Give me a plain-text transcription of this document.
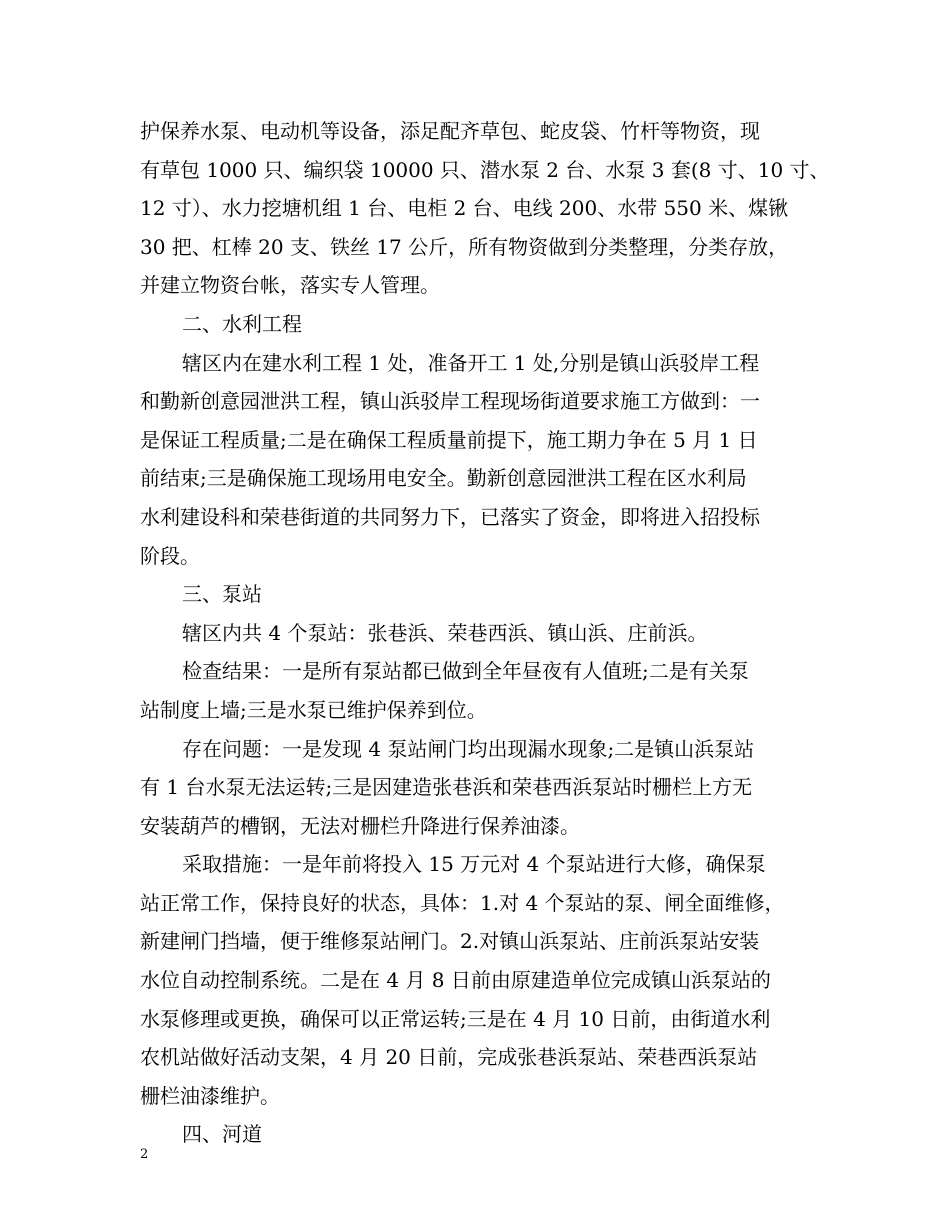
护保养水泵、电动机等设备，添足配齐草包、蛇皮袋、竹杆等物资，现
有草包 1000 只、编织袋 10000 只、潜水泵 2 台、水泵 3 套(8 寸、10 寸、
12 寸）、水力挖塘机组 1 台、电柜 2 台、电线 200、水带 550 米、煤锹
30 把、杠棒 20 支、铁丝 17 公斤，所有物资做到分类整理，分类存放，
并建立物资台帐，落实专人管理。
二、水利工程
辖区内在建水利工程 1 处，准备开工 1 处,分别是镇山浜驳岸工程
和勤新创意园泄洪工程，镇山浜驳岸工程现场街道要求施工方做到：一
是保证工程质量;二是在确保工程质量前提下，施工期力争在 5 月 1 日
前结束;三是确保施工现场用电安全。勤新创意园泄洪工程在区水利局
水利建设科和荣巷街道的共同努力下，已落实了资金，即将进入招投标
阶段。
三、泵站
辖区内共 4 个泵站：张巷浜、荣巷西浜、镇山浜、庄前浜。
检查结果：一是所有泵站都已做到全年昼夜有人值班;二是有关泵
站制度上墙;三是水泵已维护保养到位。
存在问题：一是发现 4 泵站闸门均出现漏水现象;二是镇山浜泵站
有 1 台水泵无法运转;三是因建造张巷浜和荣巷西浜泵站时栅栏上方无
安装葫芦的槽钢，无法对栅栏升降进行保养油漆。
采取措施：一是年前将投入 15 万元对 4 个泵站进行大修，确保泵
站正常工作，保持良好的状态，具体：1.对 4 个泵站的泵、闸全面维修，
新建闸门挡墙，便于维修泵站闸门。2.对镇山浜泵站、庄前浜泵站安装
水位自动控制系统。二是在 4 月 8 日前由原建造单位完成镇山浜泵站的
水泵修理或更换，确保可以正常运转;三是在 4 月 10 日前，由街道水利
农机站做好活动支架，4 月 20 日前，完成张巷浜泵站、荣巷西浜泵站
栅栏油漆维护。
四、河道
2
